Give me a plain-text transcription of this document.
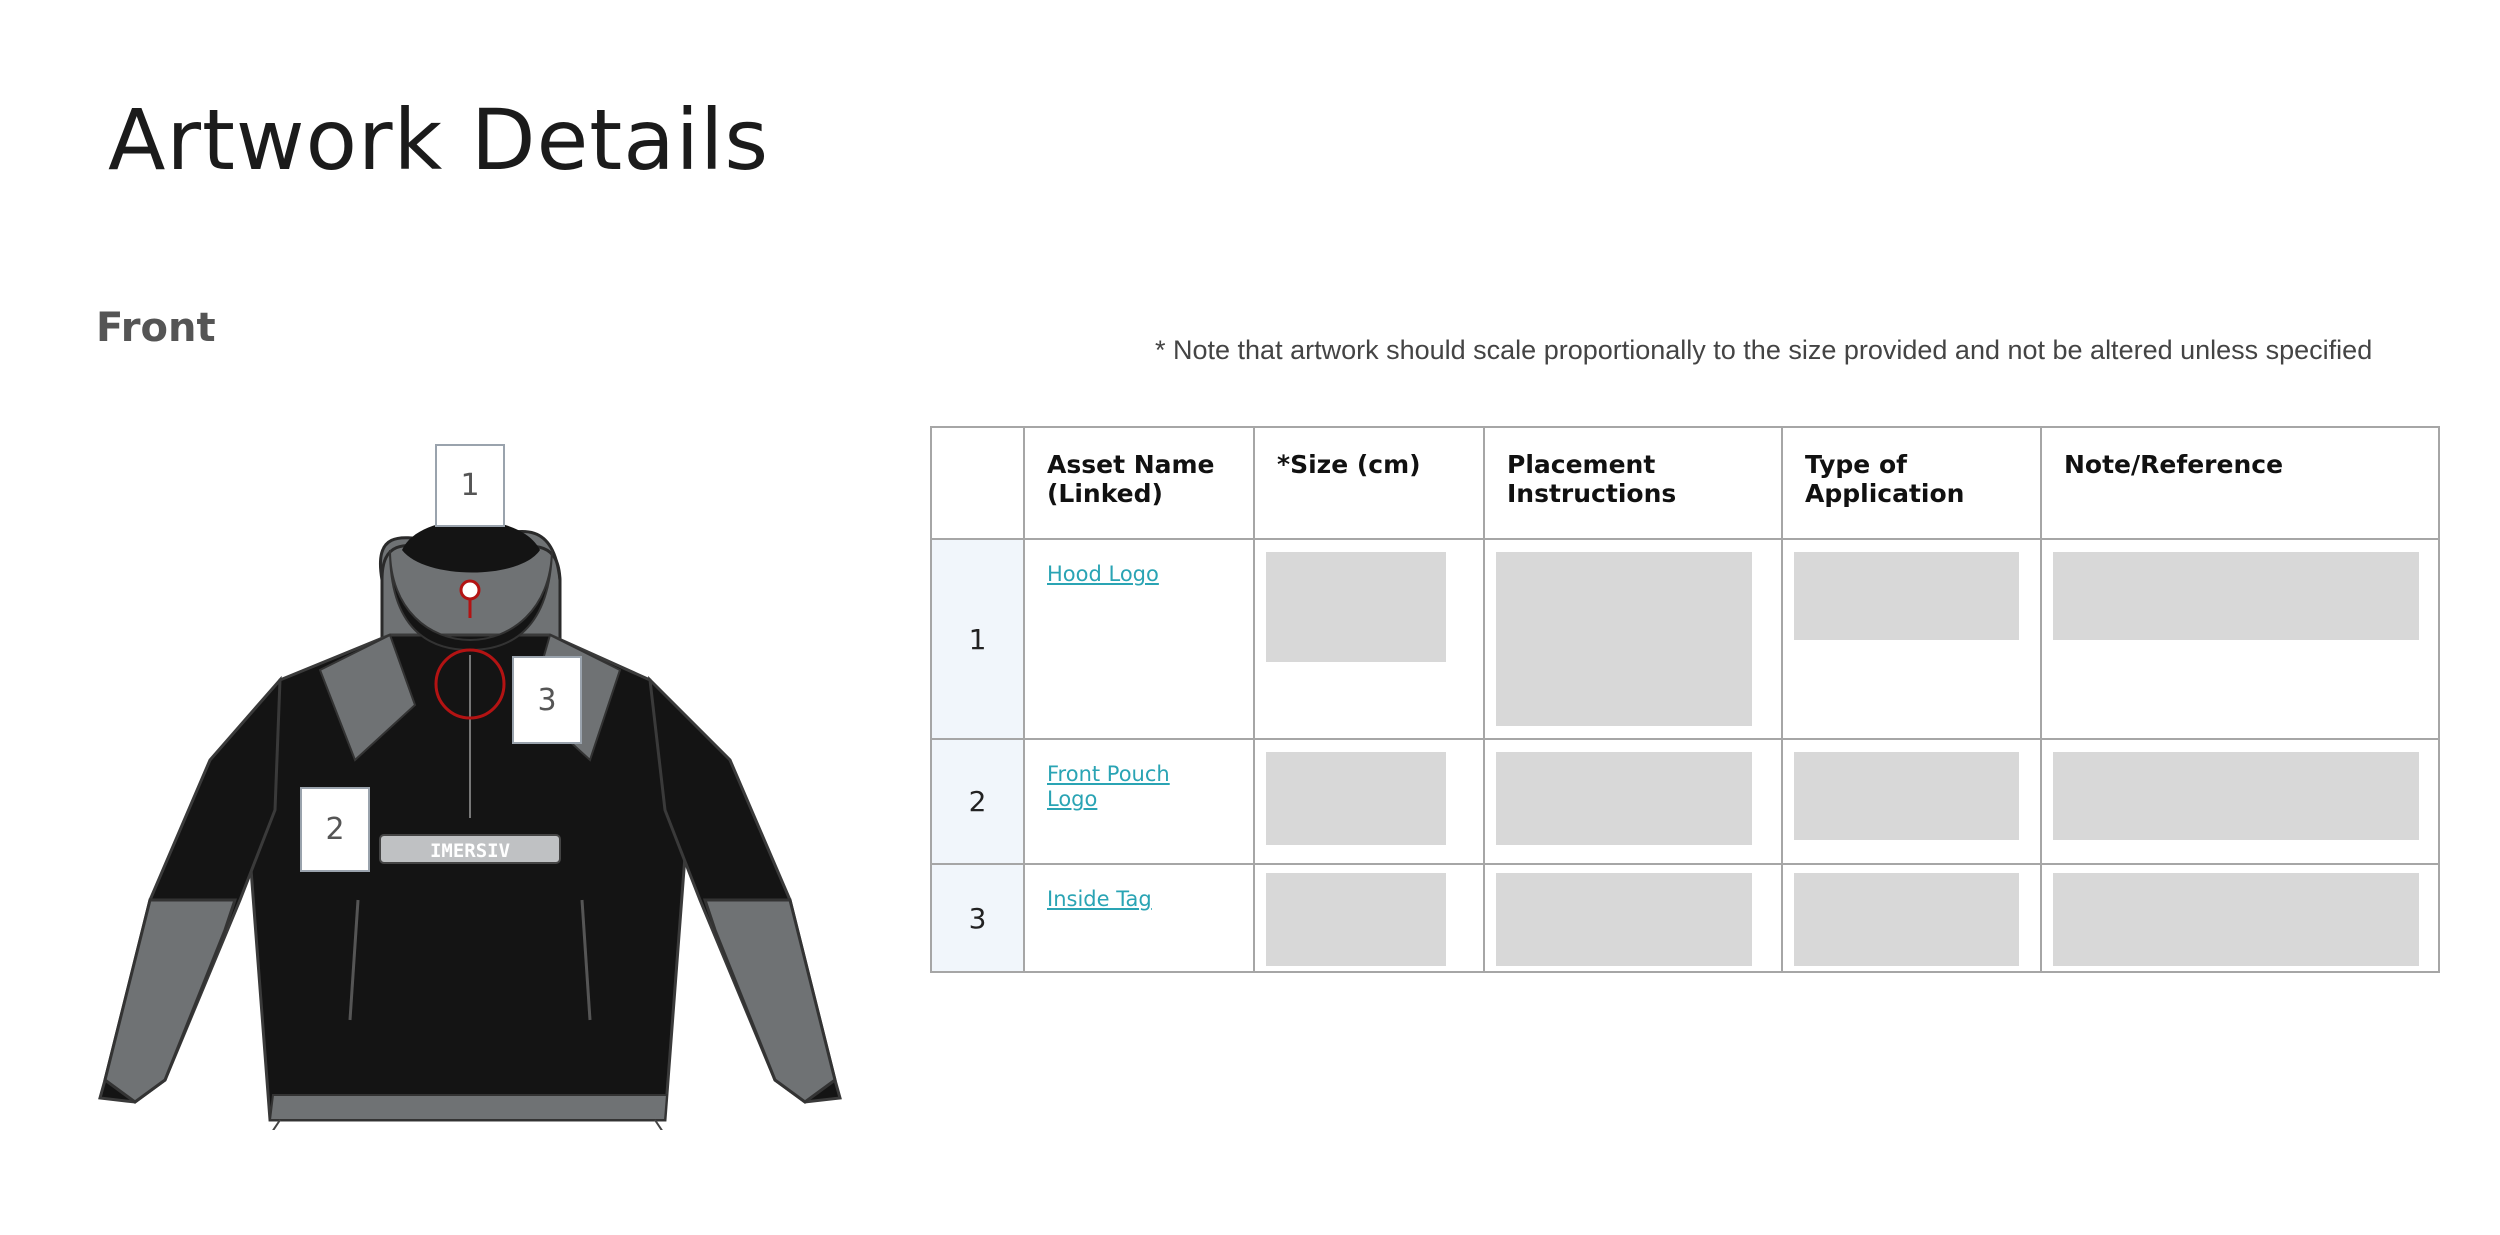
Artwork Details
Front	* Note that artwork should scale proportionally to the size provided and not be altered unless specified
IMERSIV
1
2
3
	Asset Name (Linked)	*Size (cm)	Placement Instructions	Type of Application	Note/Reference
1	Hood Logo	

2	Front Pouch Logo	

3	Inside Tag	
